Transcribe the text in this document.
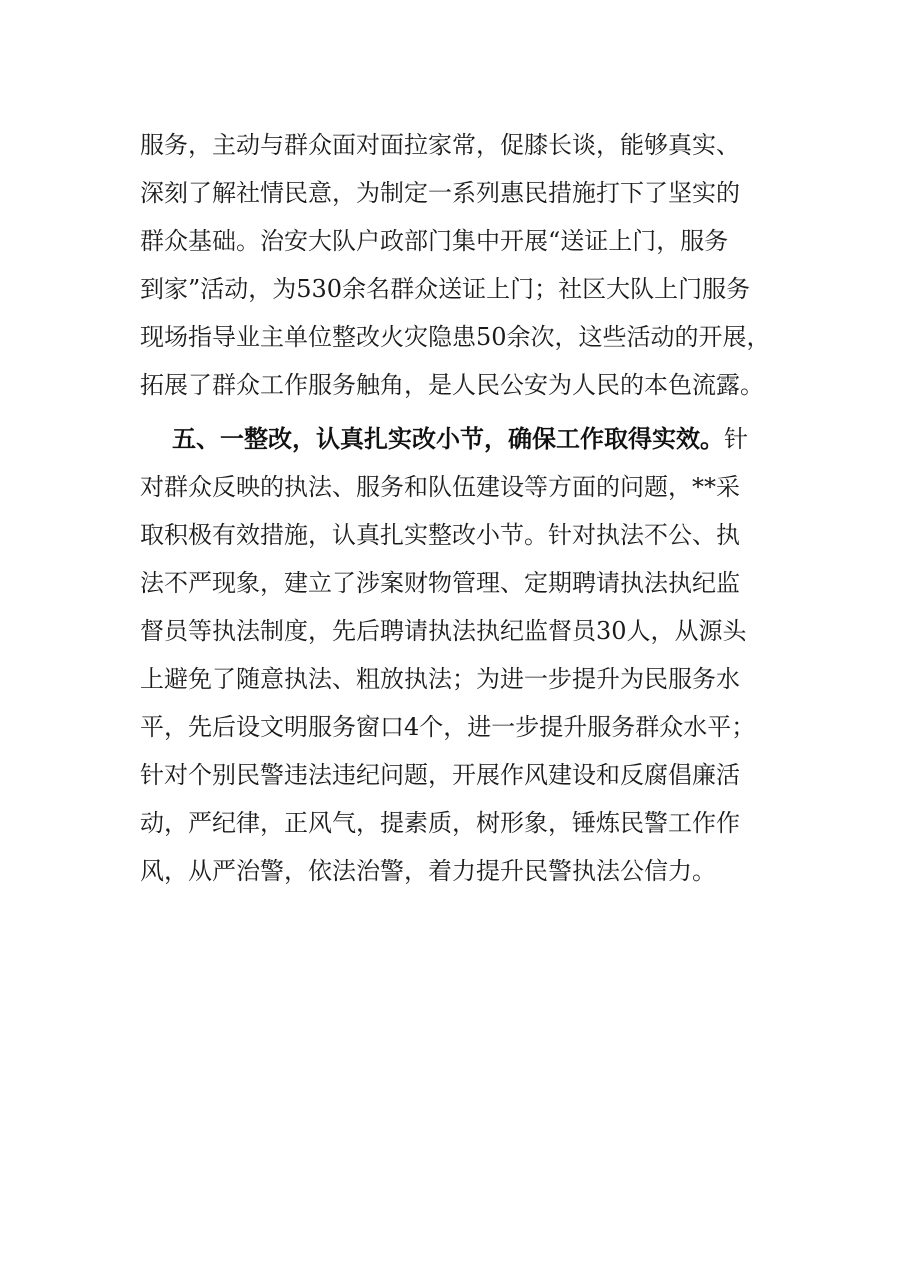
服务，主动与群众面对面拉家常，促膝长谈，能够真实、
深刻了解社情民意，为制定一系列惠民措施打下了坚实的
群众基础。治安大队户政部门集中开展“送证上门，服务
到家”活动，为530余名群众送证上门；社区大队上门服务
现场指导业主单位整改火灾隐患50余次，这些活动的开展，
拓展了群众工作服务触角，是人民公安为人民的本色流露。
五、一整改，认真扎实改小节，确保工作取得实效。针
对群众反映的执法、服务和队伍建设等方面的问题，**采
取积极有效措施，认真扎实整改小节。针对执法不公、执
法不严现象，建立了涉案财物管理、定期聘请执法执纪监
督员等执法制度，先后聘请执法执纪监督员30人，从源头
上避免了随意执法、粗放执法；为进一步提升为民服务水
平，先后设文明服务窗口4个，进一步提升服务群众水平；
针对个别民警违法违纪问题，开展作风建设和反腐倡廉活
动，严纪律，正风气，提素质，树形象，锤炼民警工作作
风，从严治警，依法治警，着力提升民警执法公信力。
